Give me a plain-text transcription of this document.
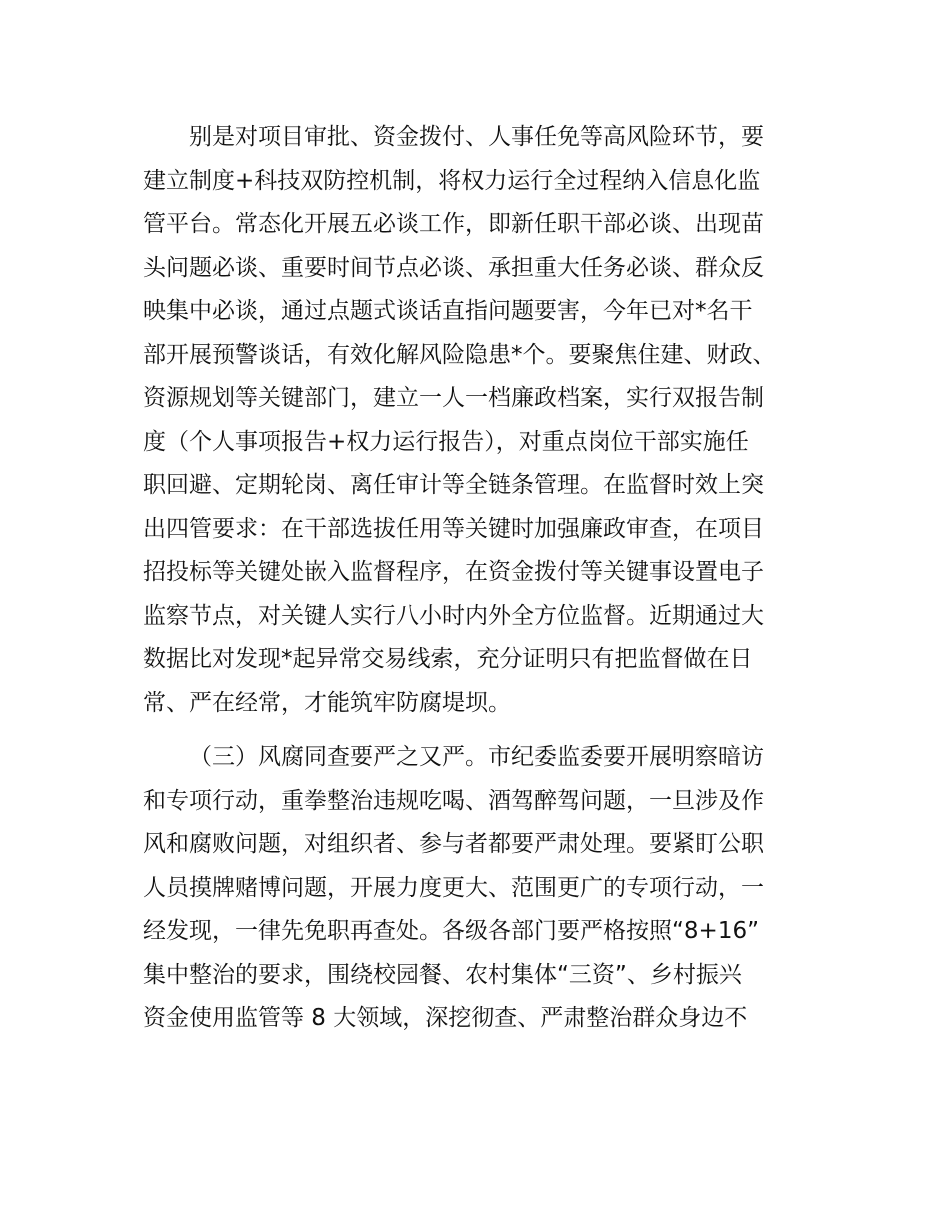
别是对项目审批、资金拨付、人事任免等高风险环节，要
建立制度+科技双防控机制，将权力运行全过程纳入信息化监
管平台。常态化开展五必谈工作，即新任职干部必谈、出现苗
头问题必谈、重要时间节点必谈、承担重大任务必谈、群众反
映集中必谈，通过点题式谈话直指问题要害，今年已对*名干
部开展预警谈话，有效化解风险隐患*个。要聚焦住建、财政、
资源规划等关键部门，建立一人一档廉政档案，实行双报告制
度（个人事项报告+权力运行报告），对重点岗位干部实施任
职回避、定期轮岗、离任审计等全链条管理。在监督时效上突
出四管要求：在干部选拔任用等关键时加强廉政审查，在项目
招投标等关键处嵌入监督程序，在资金拨付等关键事设置电子
监察节点，对关键人实行八小时内外全方位监督。近期通过大
数据比对发现*起异常交易线索，充分证明只有把监督做在日
常、严在经常，才能筑牢防腐堤坝。
（三）风腐同查要严之又严。市纪委监委要开展明察暗访
和专项行动，重拳整治违规吃喝、酒驾醉驾问题，一旦涉及作
风和腐败问题，对组织者、参与者都要严肃处理。要紧盯公职
人员摸牌赌博问题，开展力度更大、范围更广的专项行动，一
经发现，一律先免职再查处。各级各部门要严格按照“8+16”
集中整治的要求，围绕校园餐、农村集体“三资”、乡村振兴
资金使用监管等 8 大领域，深挖彻查、严肃整治群众身边不
